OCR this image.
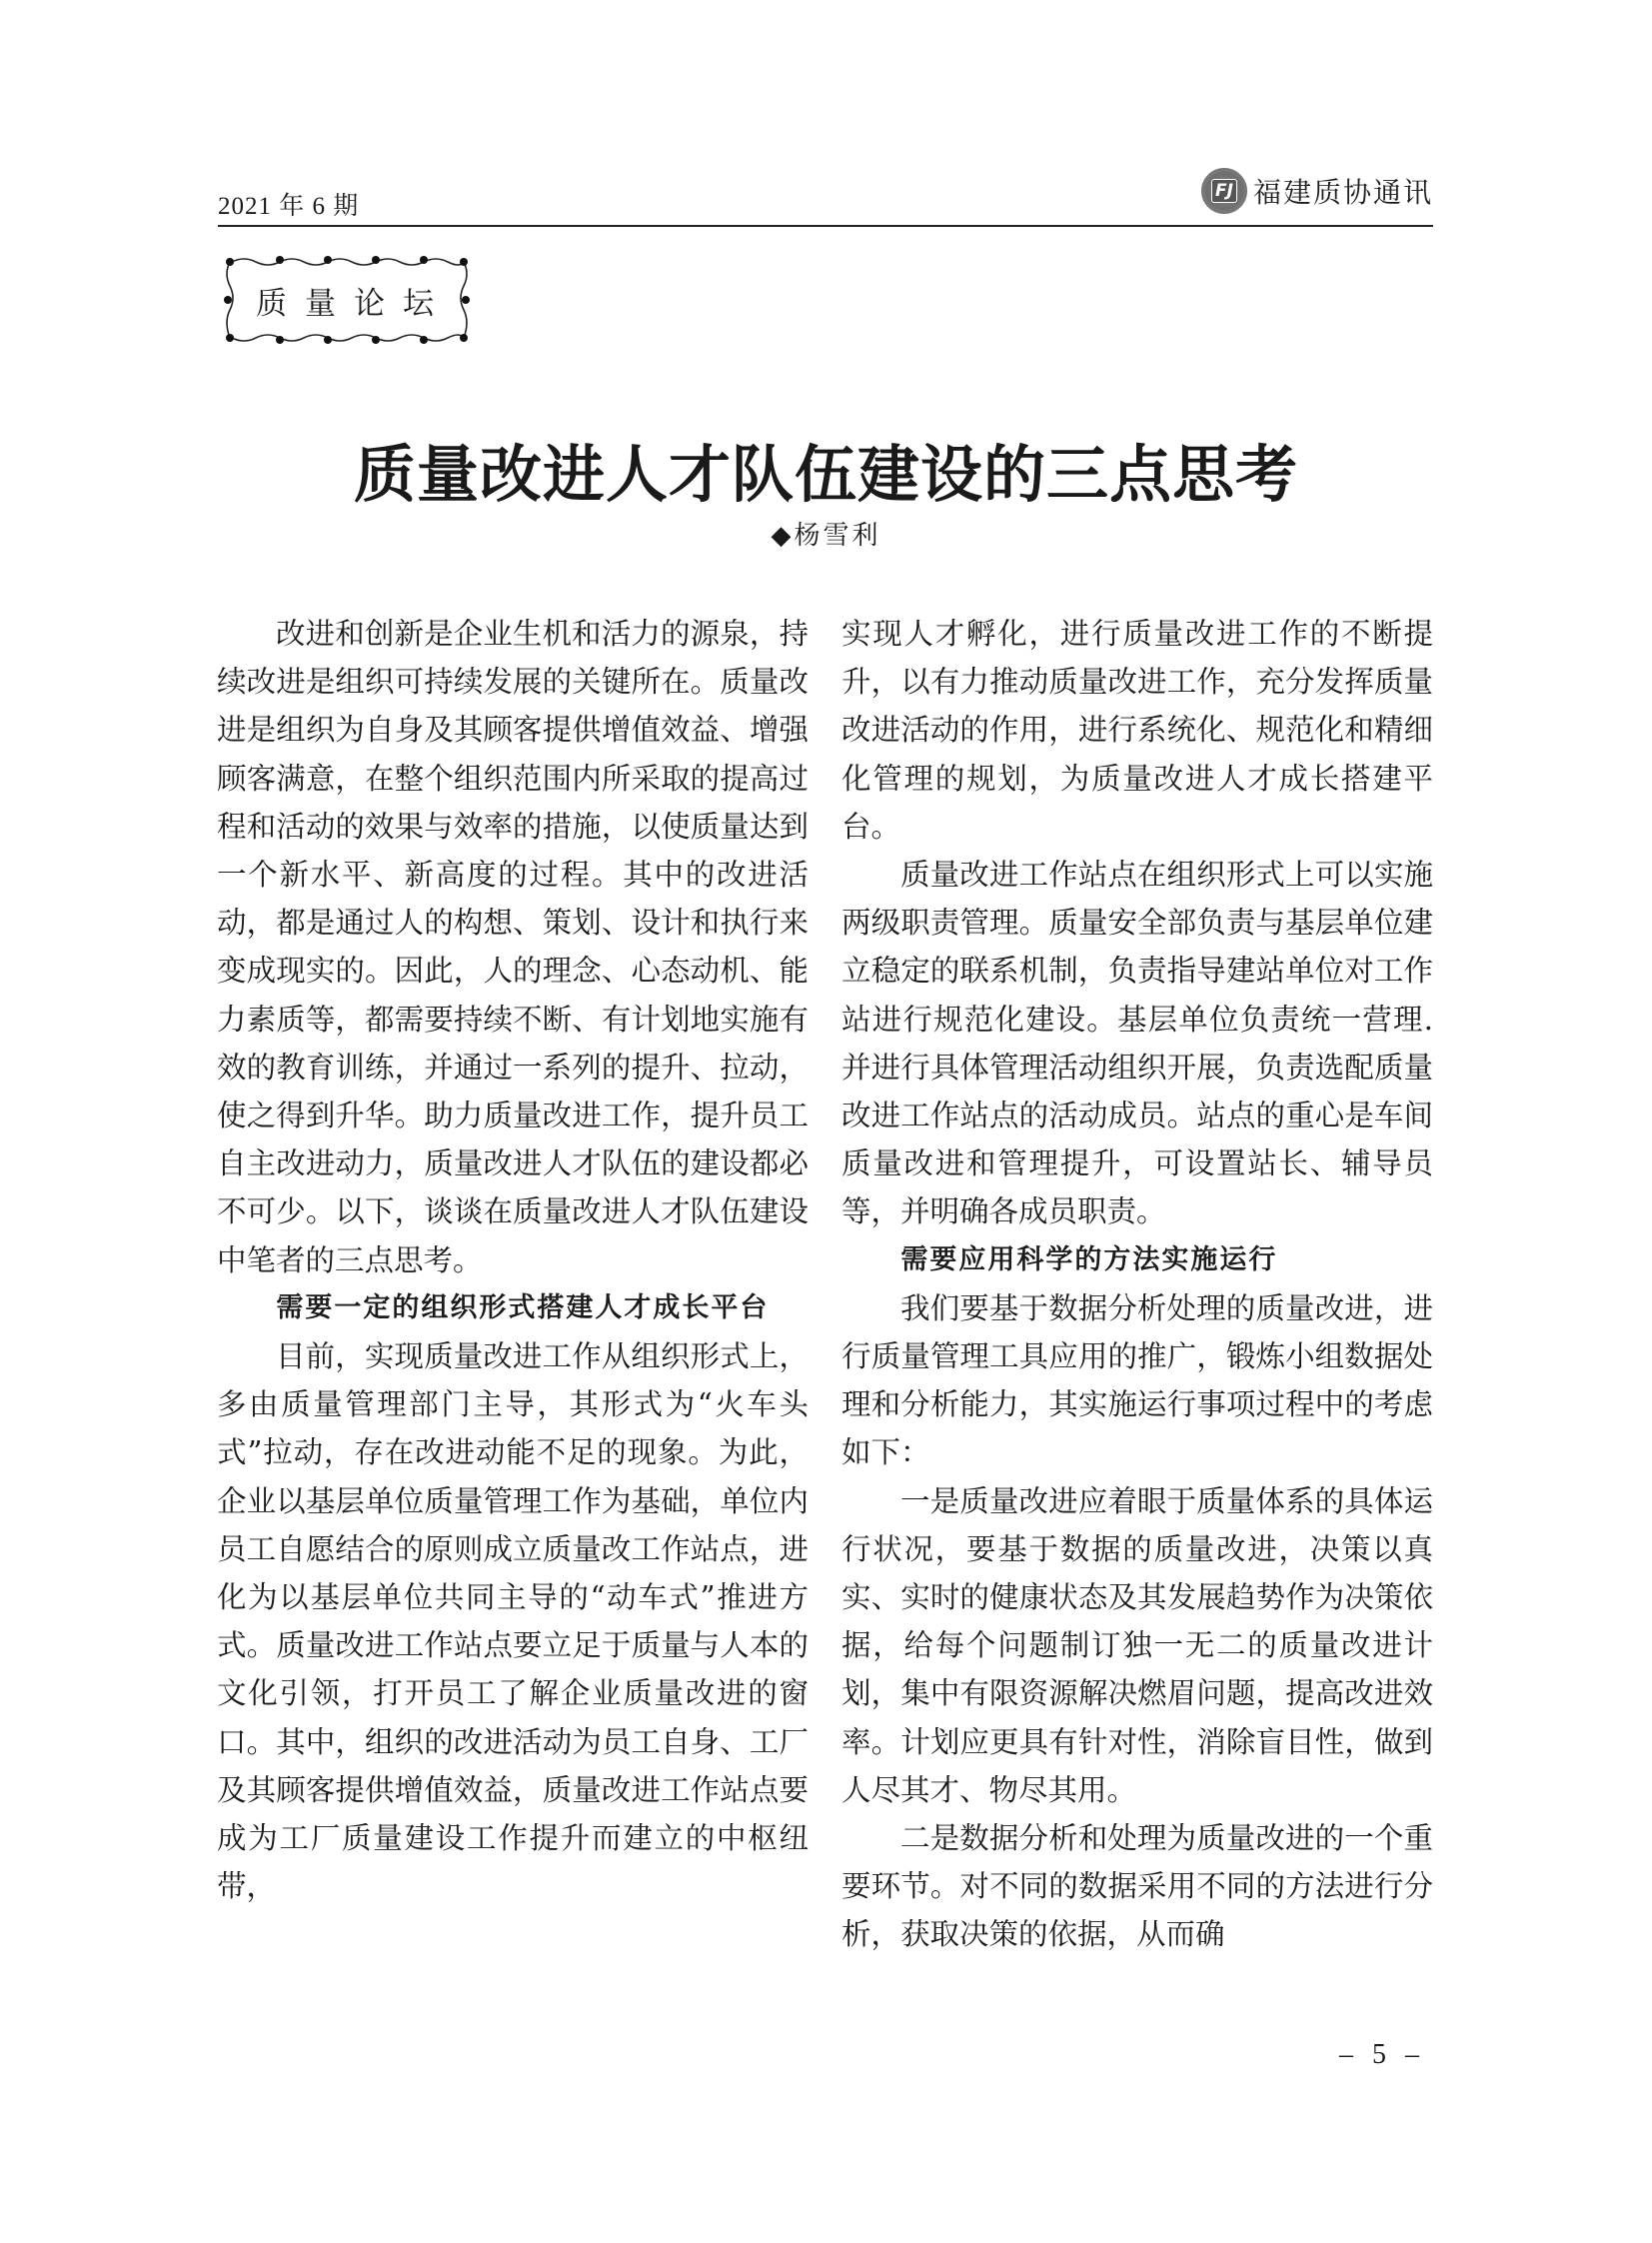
2021 年 6 期
FJ 福建质协通讯
质量论坛
质量改进人才队伍建设的三点思考
◆杨雪利

改进和创新是企业生机和活力的源泉，持续改进是组织可持续发展的关键所在。质量改进是组织为自身及其顾客提供增值效益、增强顾客满意，在整个组织范围内所采取的提高过程和活动的效果与效率的措施，以使质量达到一个新水平、新高度的过程。其中的改进活动，都是通过人的构想、策划、设计和执行来变成现实的。因此，人的理念、心态动机、能力素质等，都需要持续不断、有计划地实施有效的教育训练，并通过一系列的提升、拉动，使之得到升华。助力质量改进工作，提升员工自主改进动力，质量改进人才队伍的建设都必不可少。以下，谈谈在质量改进人才队伍建设中笔者的三点思考。

需要一定的组织形式搭建人才成长平台

目前，实现质量改进工作从组织形式上，多由质量管理部门主导，其形式为“火车头式”拉动，存在改进动能不足的现象。为此，企业以基层单位质量管理工作为基础，单位内员工自愿结合的原则成立质量改工作站点，进化为以基层单位共同主导的“动车式”推进方式。质量改进工作站点要立足于质量与人本的文化引领，打开员工了解企业质量改进的窗口。其中，组织的改进活动为员工自身、工厂及其顾客提供增值效益，质量改进工作站点要成为工厂质量建设工作提升而建立的中枢纽带，

实现人才孵化，进行质量改进工作的不断提升，以有力推动质量改进工作，充分发挥质量改进活动的作用，进行系统化、规范化和精细化管理的规划，为质量改进人才成长搭建平台。

质量改进工作站点在组织形式上可以实施两级职责管理。质量安全部负责与基层单位建立稳定的联系机制，负责指导建站单位对工作站进行规范化建设。基层单位负责统一营理. 并进行具体管理活动组织开展，负责选配质量改进工作站点的活动成员。站点的重心是车间质量改进和管理提升，可设置站长、辅导员等，并明确各成员职责。

需要应用科学的方法实施运行

我们要基于数据分析处理的质量改进，进行质量管理工具应用的推广，锻炼小组数据处理和分析能力，其实施运行事项过程中的考虑如下：

一是质量改进应着眼于质量体系的具体运行状况，要基于数据的质量改进，决策以真实、实时的健康状态及其发展趋势作为决策依据，给每个问题制订独一无二的质量改进计划，集中有限资源解决燃眉问题，提高改进效率。计划应更具有针对性，消除盲目性，做到人尽其才、物尽其用。

二是数据分析和处理为质量改进的一个重要环节。对不同的数据采用不同的方法进行分析，获取决策的依据，从而确

– 5 –
